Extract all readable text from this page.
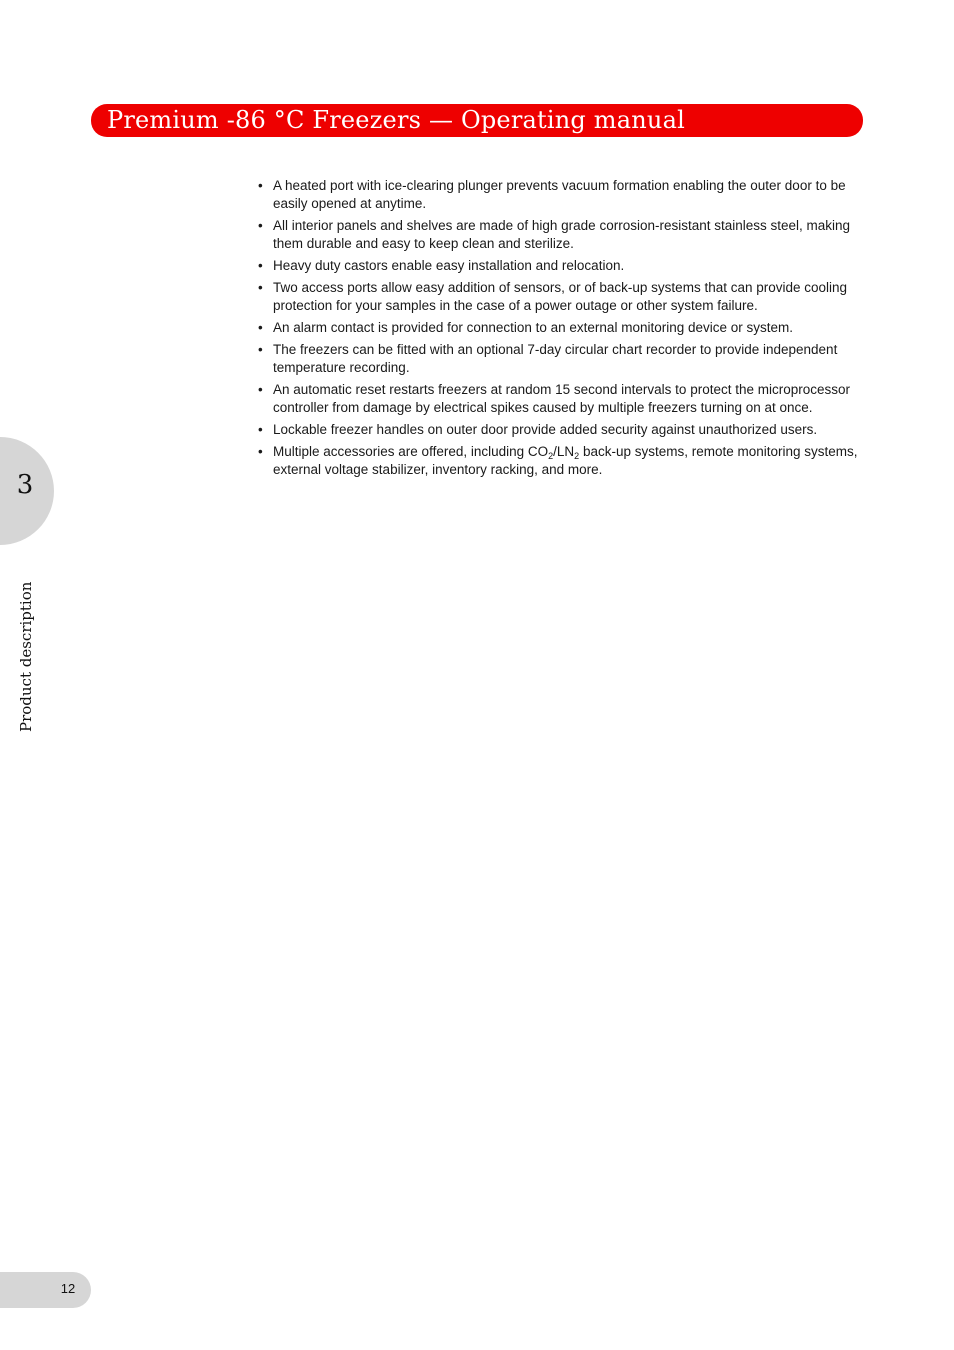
Premium -86 °C Freezers — Operating manual
3
Product description
• A heated port with ice-clearing plunger prevents vacuum formation enabling the outer door to be easily opened at anytime.
• All interior panels and shelves are made of high grade corrosion-resistant stainless steel, making them durable and easy to keep clean and sterilize.
• Heavy duty castors enable easy installation and relocation.
• Two access ports allow easy addition of sensors, or of back-up systems that can provide cooling protection for your samples in the case of a power outage or other system failure.
• An alarm contact is provided for connection to an external monitoring device or system.
• The freezers can be fitted with an optional 7-day circular chart recorder to provide independent temperature recording.
• An automatic reset restarts freezers at random 15 second intervals to protect the microprocessor controller from damage by electrical spikes caused by multiple freezers turning on at once.
• Lockable freezer handles on outer door provide added security against unauthorized users.
• Multiple accessories are offered, including $CO_2/LN_2$ back-up systems, remote monitoring systems, external voltage stabilizer, inventory racking, and more.
12
